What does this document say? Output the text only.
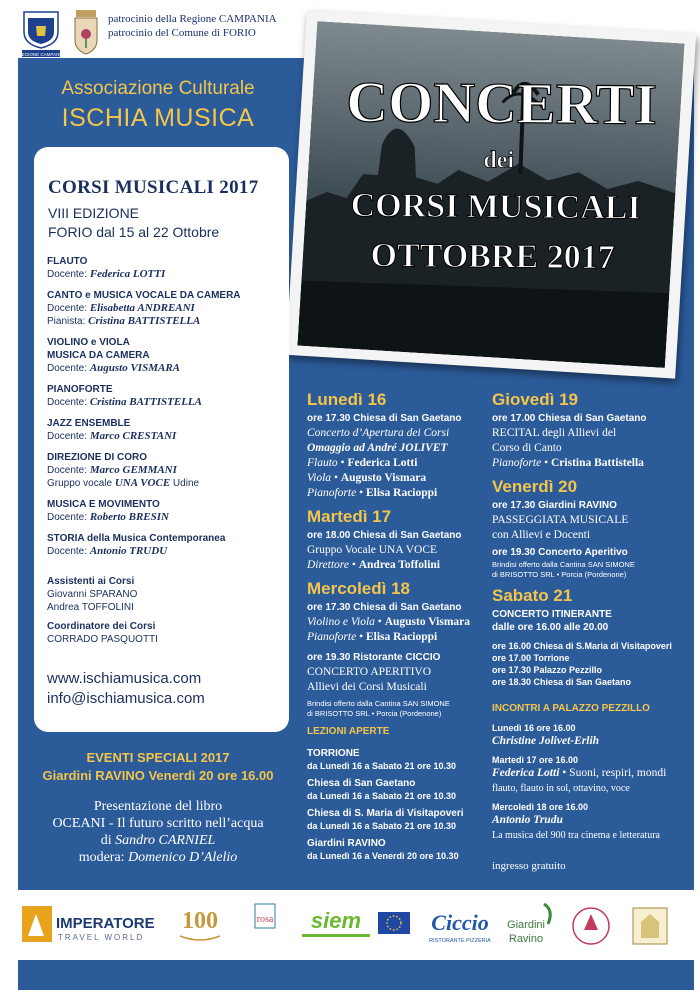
REGIONE CAMPANIA
patrocinio della Regione CAMPANIA
patrocinio del Comune di FORIO
Associazione Culturale
ISCHIA MUSICA	CONCERTI
dei
CORSI MUSICALI
OTTOBRE 2017
CORSI MUSICALI 2017
VIII EDIZIONE
FORIO dal 15 al 22 Ottobre
FLAUTO
Docente: Federica LOTTI
CANTO e MUSICA VOCALE DA CAMERA
Docente: Elisabetta ANDREANI
Pianista: Cristina BATTISTELLA
VIOLINO e VIOLA
MUSICA DA CAMERA
Docente: Augusto VISMARA
PIANOFORTE
Docente: Cristina BATTISTELLA
JAZZ ENSEMBLE
Docente: Marco CRESTANI
DIREZIONE DI CORO
Docente: Marco GEMMANI
Gruppo vocale UNA VOCE Udine
MUSICA E MOVIMENTO
Docente: Roberto BRESIN
STORIA della Musica Contemporanea
Docente: Antonio TRUDU
Assistenti ai Corsi
Giovanni SPARANO
Andrea TOFFOLINI
Coordinatore dei Corsi
CORRADO PASQUOTTI
www.ischiamusica.com
info@ischiamusica.com
EVENTI SPECIALI 2017
Giardini RAVINO Venerdì 20 ore 16.00
Presentazione del libro
OCEANI - Il futuro scritto nell’acqua
di Sandro CARNIEL
modera: Domenico D’Alelio
Lunedì 16
ore 17.30 Chiesa di San Gaetano
Concerto d’Apertura dei Corsi
Omaggio ad André JOLIVET
Flauto • Federica Lotti
Viola • Augusto Vismara
Pianoforte • Elisa Racioppi
Martedì 17
ore 18.00 Chiesa di San Gaetano
Gruppo Vocale UNA VOCE
Direttore • Andrea Toffolini
Mercoledì 18
ore 17.30 Chiesa di San Gaetano
Violino e Viola • Augusto Vismara
Pianoforte • Elisa Racioppi
ore 19.30 Ristorante CICCIO
CONCERTO APERITIVO
Allievi dei Corsi Musicali
Brindisi offerto dalla Cantina SAN SIMONE
di BRISOTTO SRL • Porcia (Pordenone)
LEZIONI APERTE
TORRIONE
da Lunedì 16 a Sabato 21 ore 10.30
Chiesa di San Gaetano
da Lunedì 16 a Sabato 21 ore 10.30
Chiesa di S. Maria di Visitapoveri
da Lunedì 16 a Sabato 21 ore 10.30
Giardini RAVINO
da Lunedì 16 a Venerdì 20 ore 10.30
Giovedì 19
ore 17.00 Chiesa di San Gaetano
RECITAL degli Allievi del
Corso di Canto
Pianoforte • Cristina Battistella
Venerdì 20
ore 17.30 Giardini RAVINO
PASSEGGIATA MUSICALE
con Allievi e Docenti
ore 19.30 Concerto Aperitivo
Brindisi offerto dalla Cantina SAN SIMONE
di BRISOTTO SRL • Porcia (Pordenone)
Sabato 21
CONCERTO ITINERANTE
dalle ore 16.00 alle 20.00
ore 16.00 Chiesa di S.Maria di Visitapoveri
ore 17.00 Torrione
ore 17.30 Palazzo Pezzillo
ore 18.30 Chiesa di San Gaetano
INCONTRI A PALAZZO PEZZILLO
Lunedì 16 ore 16.00
Christine Jolivet-Erlih
Martedì 17 ore 16.00
Federica Lotti • Suoni, respiri, mondi
flauto, flauto in sol, ottavino, voce
Mercoledì 18 ore 16.00
Antonio Trudu
La musica del 900 tra cinema e letteratura
ingresso gratuito
IMPERATORE
TRAVEL WORLD
100	rosa siem	Ciccio
RISTORANTE PIZZERIA
Giardini
Ravino
